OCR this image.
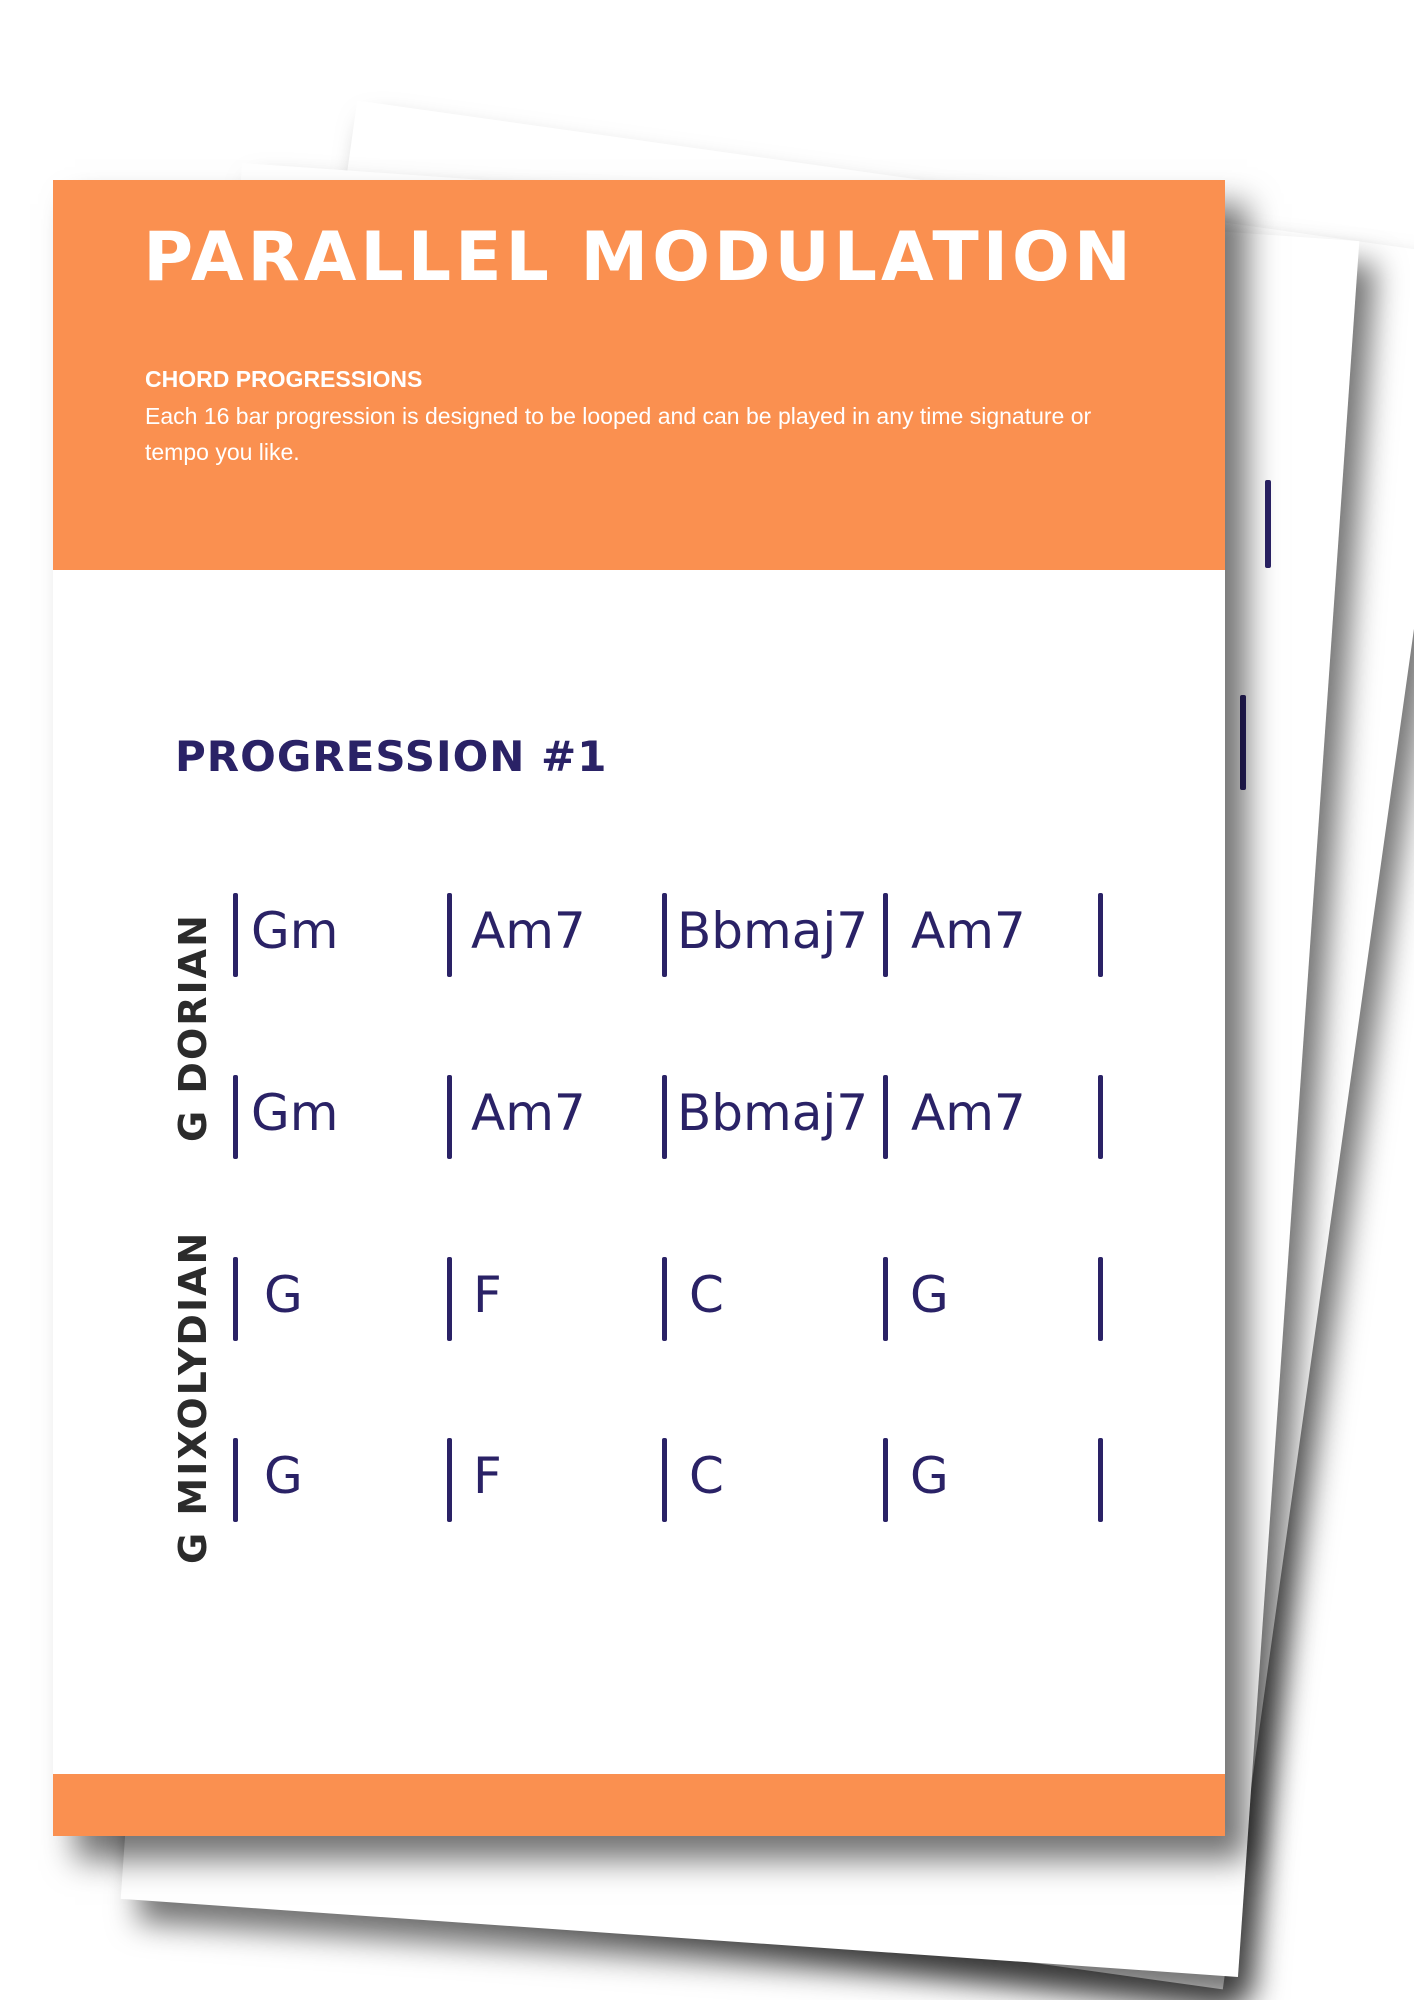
PARALLEL MODULATION
CHORD PROGRESSIONS
Each 16 bar progression is designed to be looped and can be played in any time signature or tempo you like.
PROGRESSION #1
G DORIAN
G MIXOLYDIAN
Gm	Am7 Bbmaj7 Am7
Gm	Am7 Bbmaj7 Am7
G	F	C	G
G	F	C	G
